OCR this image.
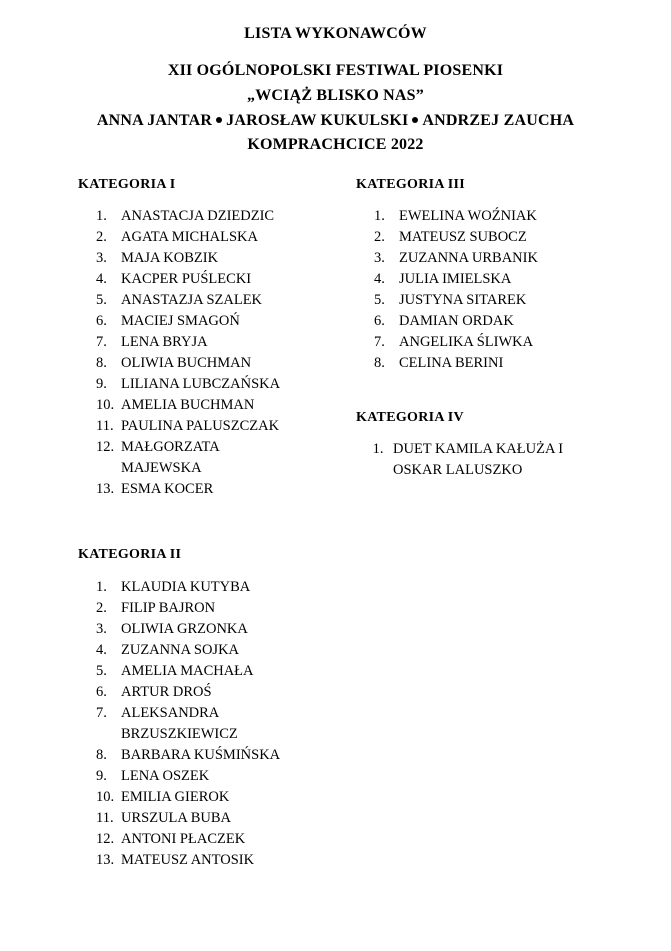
LISTA WYKONAWCÓW
XII OGÓLNOPOLSKI FESTIWAL PIOSENKI
„WCIĄŻ BLISKO NAS”
ANNA JANTAR JAROSŁAW KUKULSKI ANDRZEJ ZAUCHA
KOMPRACHCICE 2022
KATEGORIA I
1. ANASTACJA DZIEDZIC
2. AGATA MICHALSKA
3. MAJA KOBZIK
4. KACPER PUŚLECKI
5. ANASTAZJA SZALEK
6. MACIEJ SMAGOŃ
7. LENA BRYJA
8. OLIWIA BUCHMAN
9. LILIANA LUBCZAŃSKA
10. AMELIA BUCHMAN
11. PAULINA PALUSZCZAK
12. MAŁGORZATA
MAJEWSKA
13. ESMA KOCER
KATEGORIA II
1. KLAUDIA KUTYBA
2. FILIP BAJRON
3. OLIWIA GRZONKA
4. ZUZANNA SOJKA
5. AMELIA MACHAŁA
6. ARTUR DROŚ
7. ALEKSANDRA
BRZUSZKIEWICZ
8. BARBARA KUŚMIŃSKA
9. LENA OSZEK
10. EMILIA GIEROK
11. URSZULA BUBA
12. ANTONI PŁACZEK
13. MATEUSZ ANTOSIK
KATEGORIA III
1. EWELINA WOŹNIAK
2. MATEUSZ SUBOCZ
3. ZUZANNA URBANIK
4. JULIA IMIELSKA
5. JUSTYNA SITAREK
6. DAMIAN ORDAK
7. ANGELIKA ŚLIWKA
8. CELINA BERINI
KATEGORIA IV
1. DUET KAMILA KAŁUŻA I
OSKAR LALUSZKO
